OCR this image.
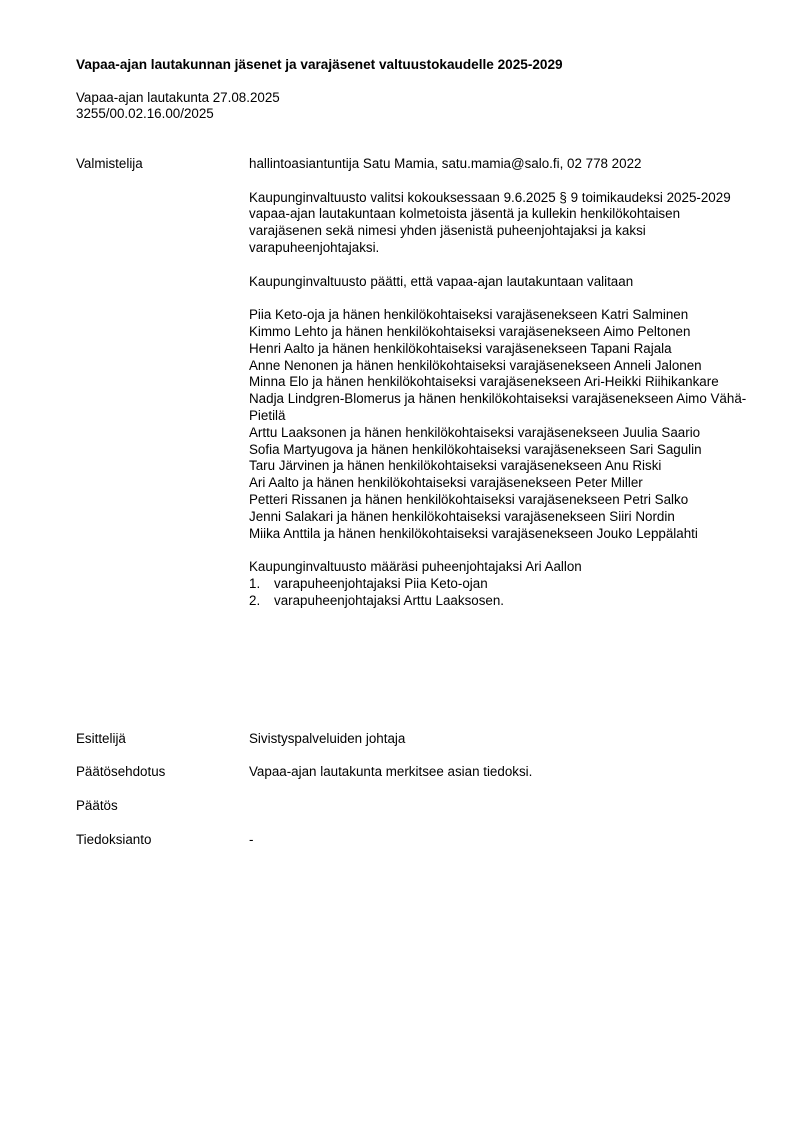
Vapaa-ajan lautakunnan jäsenet ja varajäsenet valtuustokaudelle 2025-2029
Vapaa-ajan lautakunta 27.08.2025
3255/00.02.16.00/2025
Valmistelija	hallintoasiantuntija Satu Mamia, satu.mamia@salo.fi, 02 778 2022

Kaupunginvaltuusto valitsi kokouksessaan 9.6.2025 § 9 toimikaudeksi 2025-2029 vapaa-ajan lautakuntaan kolmetoista jäsentä ja kullekin henkilökohtaisen varajäsenen sekä nimesi yhden jäsenistä puheenjohtajaksi ja kaksi varapuheenjohtajaksi.

Kaupunginvaltuusto päätti, että vapaa-ajan lautakuntaan valitaan

Piia Keto-oja ja hänen henkilökohtaiseksi varajäsenekseen Katri Salminen

Kimmo Lehto ja hänen henkilökohtaiseksi varajäsenekseen Aimo Peltonen

Henri Aalto ja hänen henkilökohtaiseksi varajäsenekseen Tapani Rajala

Anne Nenonen ja hänen henkilökohtaiseksi varajäsenekseen Anneli Jalonen

Minna Elo ja hänen henkilökohtaiseksi varajäsenekseen Ari-Heikki Riihikankare

Nadja Lindgren-Blomerus ja hänen henkilökohtaiseksi varajäsenekseen Aimo Vähä-Pietilä

Arttu Laaksonen ja hänen henkilökohtaiseksi varajäsenekseen Juulia Saario

Sofia Martyugova ja hänen henkilökohtaiseksi varajäsenekseen Sari Sagulin

Taru Järvinen ja hänen henkilökohtaiseksi varajäsenekseen Anu Riski

Ari Aalto ja hänen henkilökohtaiseksi varajäsenekseen Peter Miller

Petteri Rissanen ja hänen henkilökohtaiseksi varajäsenekseen Petri Salko

Jenni Salakari ja hänen henkilökohtaiseksi varajäsenekseen Siiri Nordin

Miika Anttila ja hänen henkilökohtaiseksi varajäsenekseen Jouko Leppälahti

Kaupunginvaltuusto määräsi puheenjohtajaksi Ari Aallon

1. varapuheenjohtajaksi Piia Keto-ojan
2. varapuheenjohtajaksi Arttu Laaksosen.
Esittelijä	Sivistyspalveluiden johtaja
Päätösehdotus	Vapaa-ajan lautakunta merkitsee asian tiedoksi.
Päätös
Tiedoksianto	-
